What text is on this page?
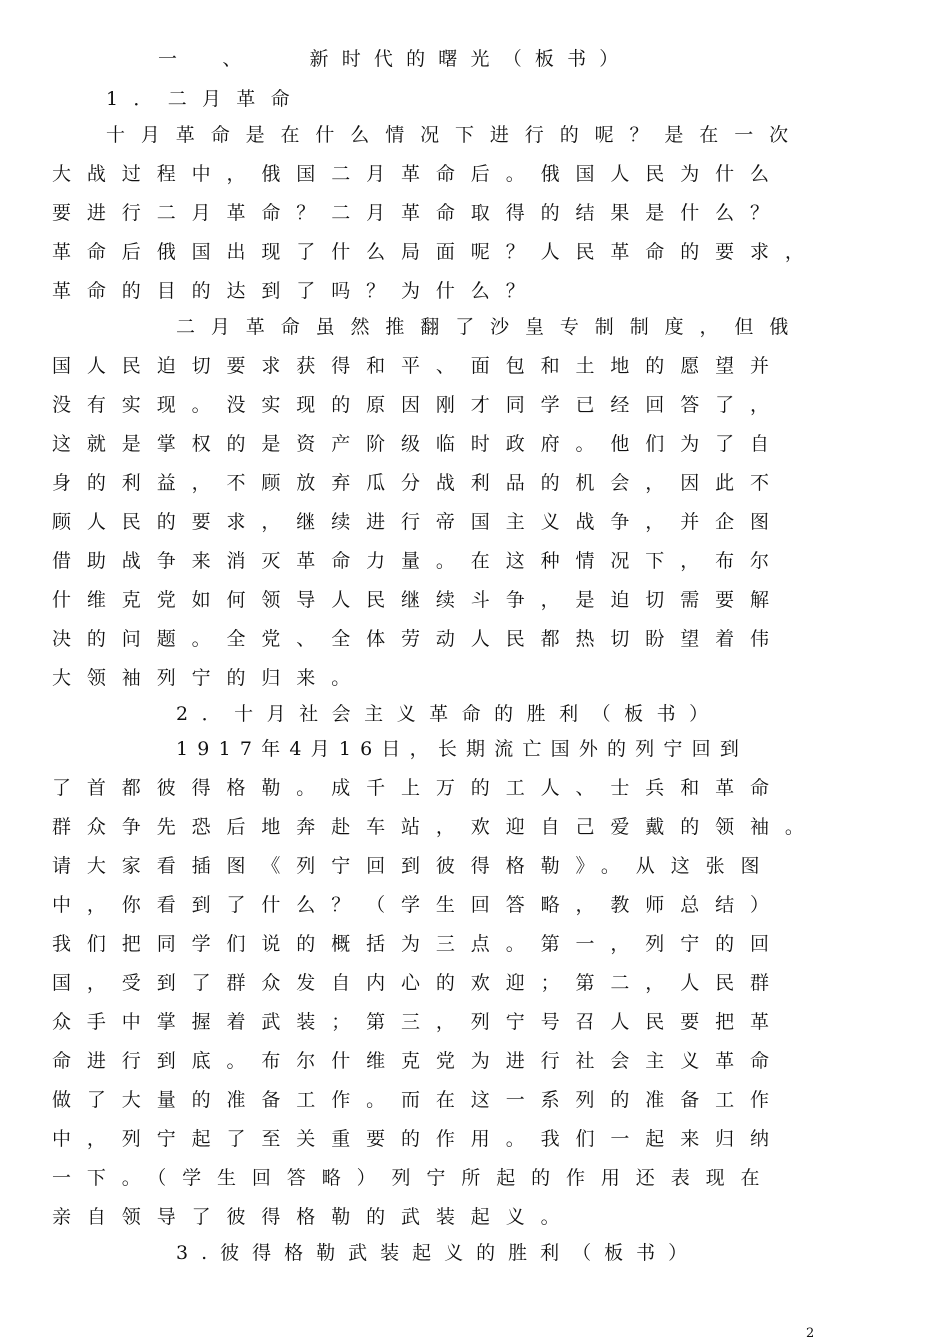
一　、　　新时代的曙光（板书）
1．二月革命
十月革命是在什么情况下进行的呢？是在一次
大战过程中，俄国二月革命后。俄国人民为什么
要进行二月革命？二月革命取得的结果是什么？
革命后俄国出现了什么局面呢？人民革命的要求，
革命的目的达到了吗？为什么？
二月革命虽然推翻了沙皇专制制度，但俄
国人民迫切要求获得和平、面包和土地的愿望并
没有实现。没实现的原因刚才同学已经回答了，
这就是掌权的是资产阶级临时政府。他们为了自
身的利益，不顾放弃瓜分战利品的机会，因此不
顾人民的要求，继续进行帝国主义战争，并企图
借助战争来消灭革命力量。在这种情况下，布尔
什维克党如何领导人民继续斗争，是迫切需要解
决的问题。全党、全体劳动人民都热切盼望着伟
大领袖列宁的归来。
2．十月社会主义革命的胜利（板书）
1917年4月16日，长期流亡国外的列宁回到
了首都彼得格勒。成千上万的工人、士兵和革命
群众争先恐后地奔赴车站，欢迎自己爱戴的领袖。
请大家看插图《列宁回到彼得格勒》。从这张图
中，你看到了什么？（学生回答略，教师总结）
我们把同学们说的概括为三点。第一，列宁的回
国，受到了群众发自内心的欢迎；第二，人民群
众手中掌握着武装；第三，列宁号召人民要把革
命进行到底。布尔什维克党为进行社会主义革命
做了大量的准备工作。而在这一系列的准备工作
中，列宁起了至关重要的作用。我们一起来归纳
一下。（学生回答略）列宁所起的作用还表现在
亲自领导了彼得格勒的武装起义。
3.彼得格勒武装起义的胜利（板书）
2
